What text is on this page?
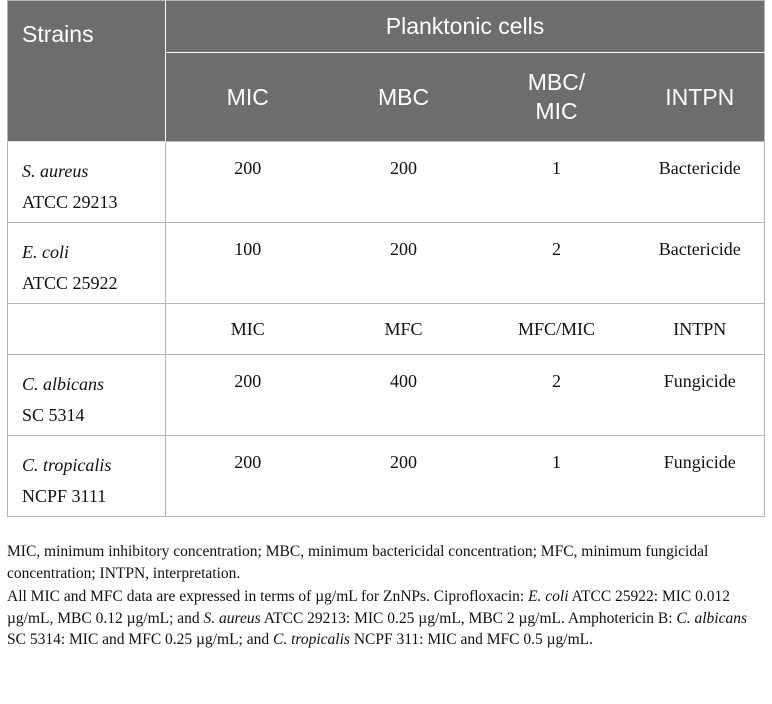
Strains	Planktonic cells			
	MIC	MBC	MBC/ MIC	INTPN
S. aureus
ATCC 29213	200	200	1	Bactericide
E. coli
ATCC 25922	100	200	2	Bactericide
	MIC	MFC	MFC/MIC	INTPN
C. albicans
SC 5314	200	400	2	Fungicide
C. tropicalis
NCPF 3111	200	200	1	Fungicide

MIC, minimum inhibitory concentration; MBC, minimum bactericidal concentration; MFC, minimum fungicidal concentration; INTPN, interpretation.

All MIC and MFC data are expressed in terms of µg/mL for ZnNPs. Ciprofloxacin: E. coli ATCC 25922: MIC 0.012 µg/mL, MBC 0.12 µg/mL; and S. aureus ATCC 29213: MIC 0.25 µg/mL, MBC 2 µg/mL. Amphotericin B: C. albicans SC 5314: MIC and MFC 0.25 µg/mL; and C. tropicalis NCPF 311: MIC and MFC 0.5 µg/mL.
